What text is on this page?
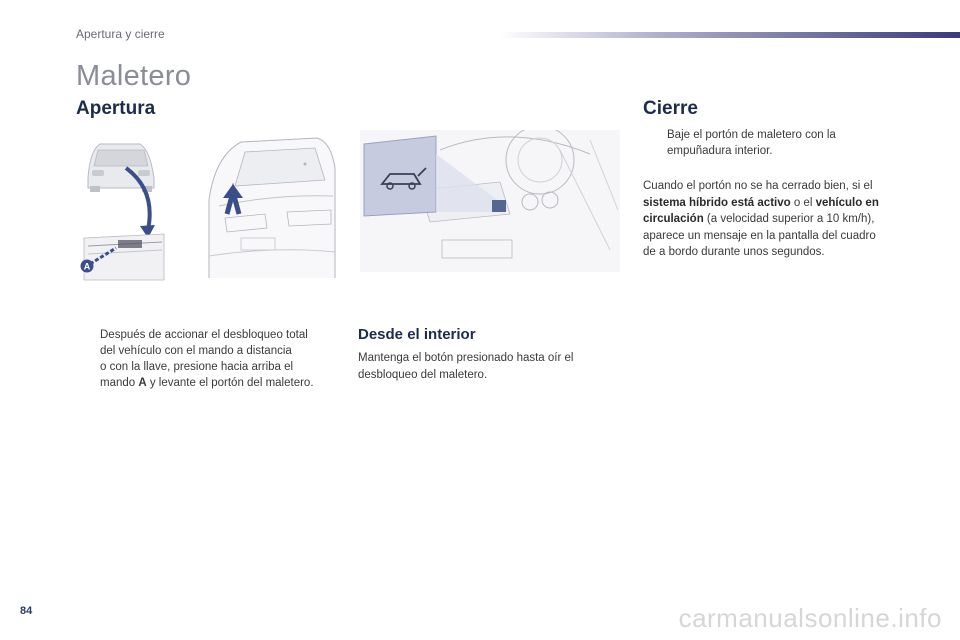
Apertura y cierre
Maletero
Apertura
A
Después de accionar el desbloqueo total
del vehículo con el mando a distancia
o con la llave, presione hacia arriba el
mando A y levante el portón del maletero.
Desde el interior
Mantenga el botón presionado hasta oír el
desbloqueo del maletero.
Cierre
Baje el portón de maletero con la
empuñadura interior.
Cuando el portón no se ha cerrado bien, si el
sistema híbrido está activo o el vehículo en
circulación (a velocidad superior a 10 km/h),
aparece un mensaje en la pantalla del cuadro
de a bordo durante unos segundos.
84	carmanualsonline.info
